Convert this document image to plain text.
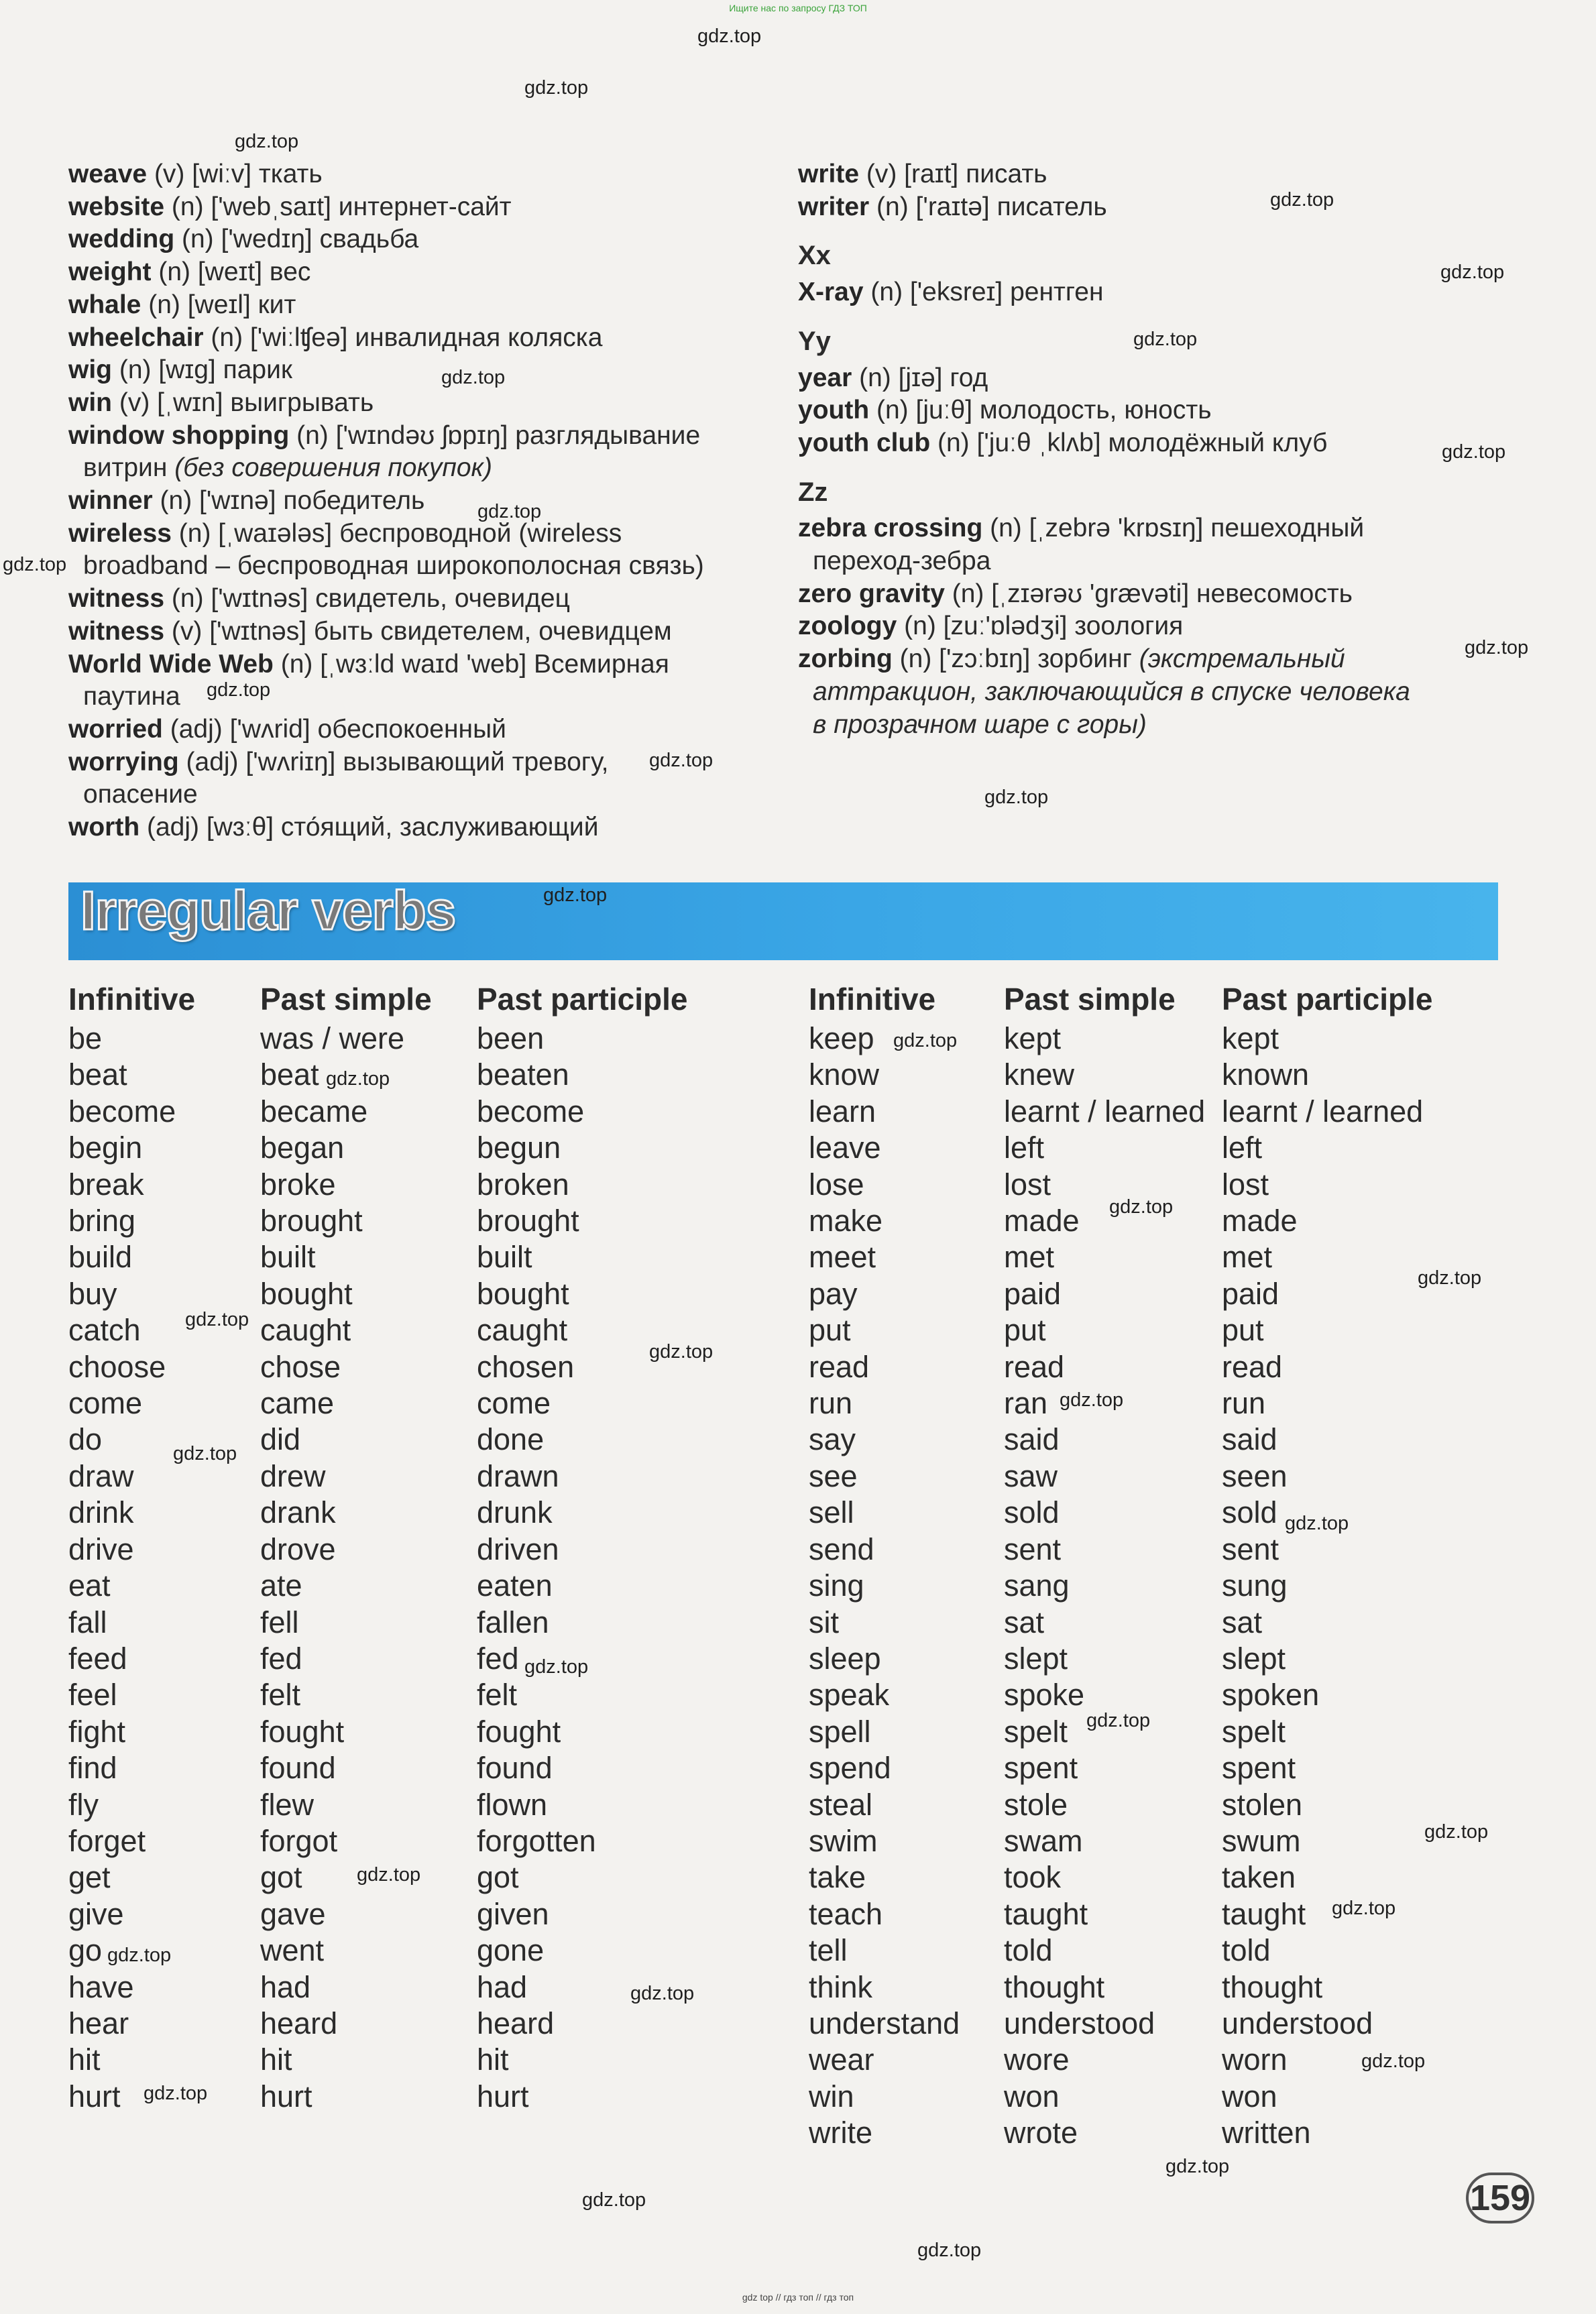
Ищите нас по запросу ГДЗ ТОП

weave (v) [wiːv] ткать

website (n) ['webˌsaɪt] интернет-сайт

wedding (n) ['wedɪŋ] свадьба

weight (n) [weɪt] вес

whale (n) [weɪl] кит

wheelchair (n) ['wiːlʧeə] инвалидная коляска

wig (n) [wɪg] парик

win (v) [ˌwɪn] выигрывать

window shopping (n) ['wɪndəʊ ʃɒpɪŋ] разглядывание
витрин (без совершения покупок)

winner (n) ['wɪnə] победитель

wireless (n) [ˌwaɪələs] беспроводной (wireless
broadband – беспроводная широкополосная связь)

witness (n) ['wɪtnəs] свидетель, очевидец

witness (v) ['wɪtnəs] быть свидетелем, очевидцем

World Wide Web (n) [ˌwɜːld waɪd 'web] Всемирная
паутина

worried (adj) ['wʌrid] обеспокоенный

worrying (adj) ['wʌriɪŋ] вызывающий тревогу,
опасение

worth (adj) [wɜːθ] сто́ящий, заслуживающий

write (v) [raɪt] писать

writer (n) ['raɪtə] писатель

Xx

X-ray (n) ['eksreɪ] рентген

Yy

year (n) [jɪə] год

youth (n) [juːθ] молодость, юность

youth club (n) ['juːθ ˌklʌb] молодёжный клуб

Zz

zebra crossing (n) [ˌzebrə 'krɒsɪŋ] пешеходный
переход-зебра

zero gravity (n) [ˌzɪərəʊ 'grævəti] невесомость

zoology (n) [zuː'ɒlədʒi] зоология

zorbing (n) ['zɔːbɪŋ] зорбинг (экстремальный
аттракцион, заключающийся в спуске человека
в прозрачном шаре с горы)

Irregular verbs
Infinitive	Past simple	Past participle
be	was / were	been
beat	beat	beaten
become	became	become
begin	began	begun
break	broke	broken
bring	brought	brought
build	built	built
buy	bought	bought
catch	caught	caught
choose	chose	chosen
come	came	come
do	did	done
draw	drew	drawn
drink	drank	drunk
drive	drove	driven
eat	ate	eaten
fall	fell	fallen
feed	fed	fed
feel	felt	felt
fight	fought	fought
find	found	found
fly	flew	flown
forget	forgot	forgotten
get	got	got
give	gave	given
go	went	gone
have	had	had
hear	heard	heard
hit	hit	hit
hurt	hurt	hurt
Infinitive	Past simple	Past participle
keep	kept	kept
know	knew	known
learn	learnt / learned	learnt / learned
leave	left	left
lose	lost	lost
make	made	made
meet	met	met
pay	paid	paid
put	put	put
read	read	read
run	ran	run
say	said	said
see	saw	seen
sell	sold	sold
send	sent	sent
sing	sang	sung
sit	sat	sat
sleep	slept	slept
speak	spoke	spoken
spell	spelt	spelt
spend	spent	spent
steal	stole	stolen
swim	swam	swum
take	took	taken
teach	taught	taught
tell	told	told
think	thought	thought
understand	understood	understood
wear	wore	worn
win	won	won
write	wrote	written
159
gdz top // гдз топ // гдз топ
gdz.top
gdz.top
gdz.top
gdz.top
gdz.top
gdz.top
gdz.top
gdz.top
gdz.top
gdz.top
gdz.top
gdz.top
gdz.top
gdz.top
gdz.top
gdz.top
gdz.top
gdz.top
gdz.top
gdz.top
gdz.top
gdz.top
gdz.top
gdz.top
gdz.top
gdz.top
gdz.top
gdz.top
gdz.top
gdz.top
gdz.top
gdz.top
gdz.top
gdz.top
gdz.top
gdz.top
